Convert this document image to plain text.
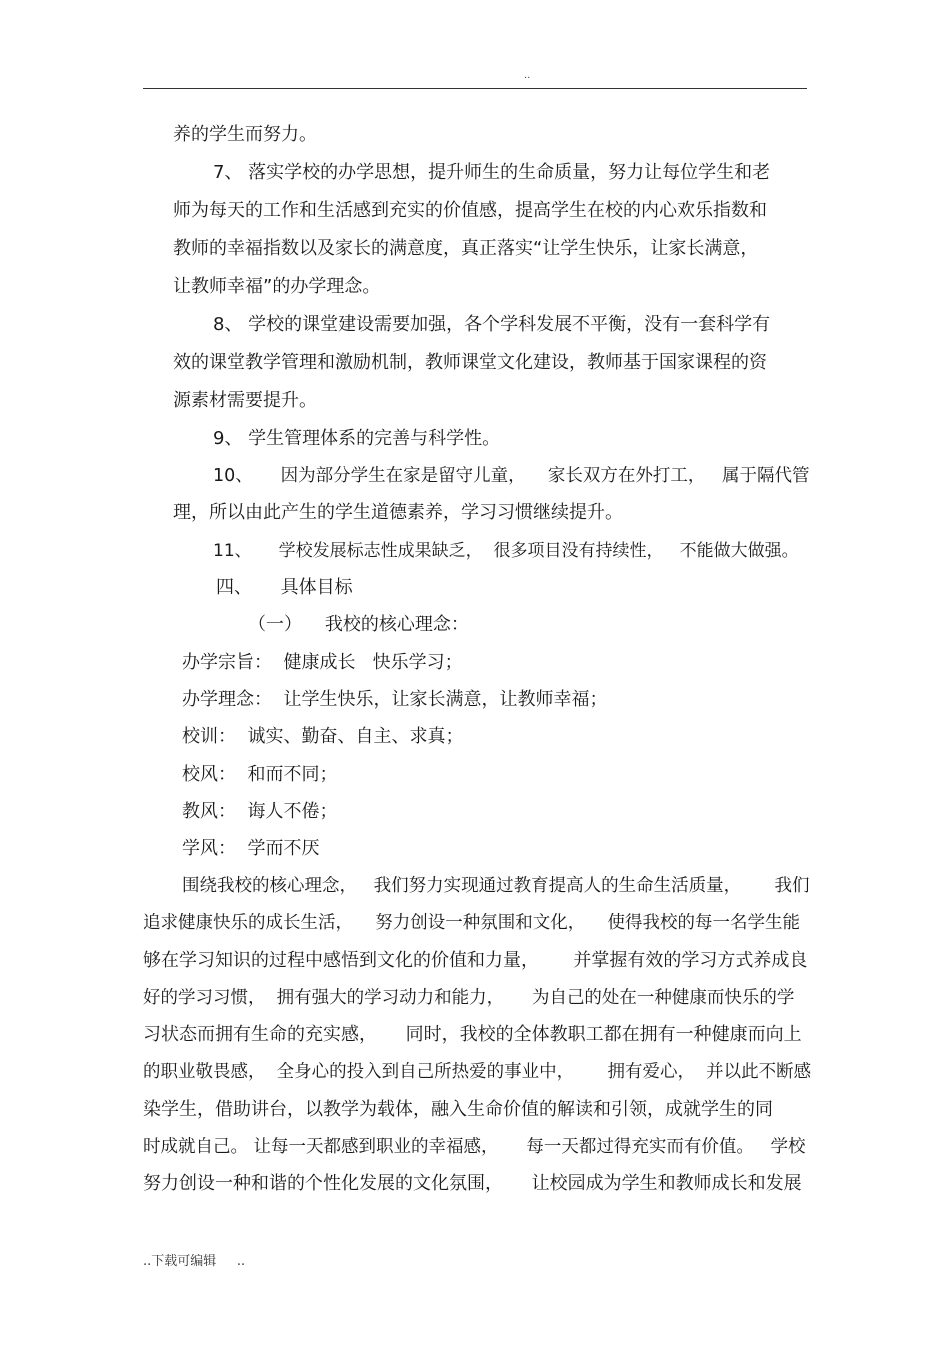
..
养的学生而努力。
7、 落实学校的办学思想，提升师生的生命质量，努力让每位学生和老
师为每天的工作和生活感到充实的价值感，提高学生在校的内心欢乐指数和
教师的幸福指数以及家长的满意度，真正落实“让学生快乐，让家长满意，
让教师幸福”的办学理念。
8、 学校的课堂建设需要加强，各个学科发展不平衡，没有一套科学有
效的课堂教学管理和激励机制，教师课堂文化建设，教师基于国家课程的资
源素材需要提升。
9、 学生管理体系的完善与科学性。
10、     因为部分学生在家是留守儿童，    家长双方在外打工，   属于隔代管
理，所以由此产生的学生道德素养，学习习惯继续提升。
11、     学校发展标志性成果缺乏，  很多项目没有持续性，   不能做大做强。
四、     具体目标
（一）    我校的核心理念：
办学宗旨：  健康成长   快乐学习；
办学理念：  让学生快乐，让家长满意，让教师幸福；
校训：  诚实、勤奋、自主、求真；
校风：  和而不同；
教风：  诲人不倦；
学风：  学而不厌
围绕我校的核心理念，   我们努力实现通过教育提高人的生命生活质量，      我们
追求健康快乐的成长生活，    努力创设一种氛围和文化，    使得我校的每一名学生能
够在学习知识的过程中感悟到文化的价值和力量，      并掌握有效的学习方式养成良
好的学习习惯，  拥有强大的学习动力和能力，     为自己的处在一种健康而快乐的学
习状态而拥有生命的充实感，     同时，我校的全体教职工都在拥有一种健康而向上
的职业敬畏感，  全身心的投入到自己所热爱的事业中，      拥有爱心，  并以此不断感
染学生，借助讲台，以教学为载体，融入生命价值的解读和引领，成就学生的同
时成就自己。 让每一天都感到职业的幸福感，     每一天都过得充实而有价值。   学校
努力创设一种和谐的个性化发展的文化氛围，     让校园成为学生和教师成长和发展
..下载可编辑     ..
